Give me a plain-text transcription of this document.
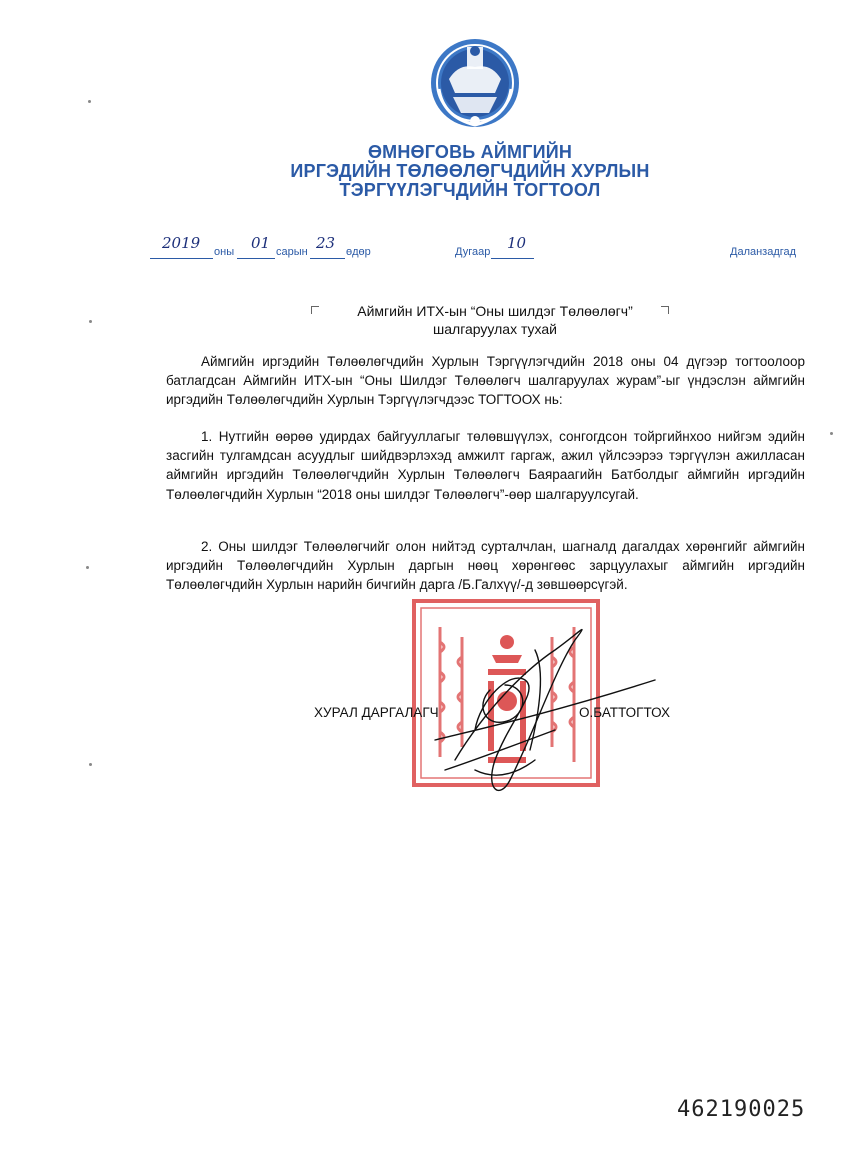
ӨМНӨГОВЬ АЙМГИЙН
ИРГЭДИЙН ТӨЛӨӨЛӨГЧДИЙН ХУРЛЫН
ТЭРГҮҮЛЭГЧДИЙН ТОГТООЛ
2019 оны 01 сарын 23 өдөр	Дугаар 10	Даланзадгад
Аймгийн ИТХ-ын “Оны шилдэг Төлөөлөгч”
шалгаруулах тухай

Аймгийн иргэдийн Төлөөлөгчдийн Хурлын Тэргүүлэгчдийн 2018 оны 04 дүгээр тогтоолоор батлагдсан Аймгийн ИТХ-ын “Оны Шилдэг Төлөөлөгч шалгаруулах журам”-ыг үндэслэн аймгийн иргэдийн Төлөөлөгчдийн Хурлын Тэргүүлэгчдээс ТОГТООХ нь:

1. Нутгийн өөрөө удирдах байгууллагыг төлөвшүүлэх, сонгогдсон тойргийнхоо нийгэм эдийн засгийн тулгамдсан асуудлыг шийдвэрлэхэд амжилт гаргаж, ажил үйлсээрээ тэргүүлэн ажилласан аймгийн иргэдийн Төлөөлөгчдийн Хурлын Төлөөлөгч Баяраагийн Батболдыг аймгийн иргэдийн Төлөөлөгчдийн Хурлын “2018 оны шилдэг Төлөөлөгч”-өөр шалгаруулсугай.

2. Оны шилдэг Төлөөлөгчийг олон нийтэд сурталчлан, шагналд дагалдах хөрөнгийг аймгийн иргэдийн Төлөөлөгчдийн Хурлын даргын нөөц хөрөнгөөс зарцуулахыг аймгийн иргэдийн Төлөөлөгчдийн Хурлын нарийн бичгийн дарга /Б.Галхүү/-д зөвшөөрсүгэй.

ХУРАЛ ДАРГАЛАГЧ	О.БАТТОГТОХ
462190025
